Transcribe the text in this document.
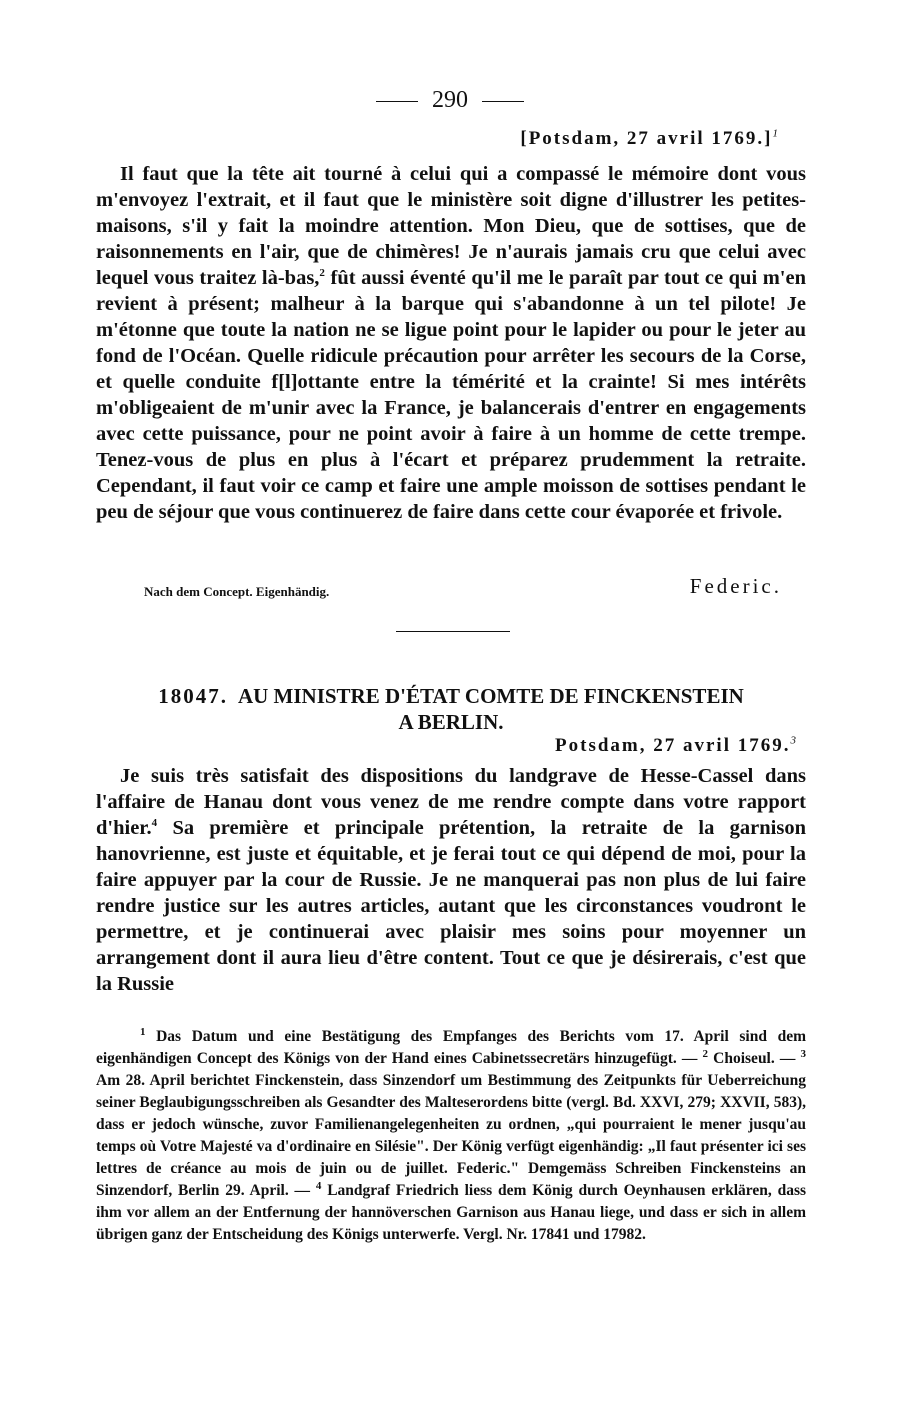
290
[Potsdam, 27 avril 1769.]$^1$

Il faut que la tête ait tourné à celui qui a compassé le mémoire dont vous m'envoyez l'extrait, et il faut que le ministère soit digne d'illustrer les petites-maisons, s'il y fait la moindre attention. Mon Dieu, que de sottises, que de raisonnements en l'air, que de chimères! Je n'aurais jamais cru que celui avec lequel vous traitez là-bas,$^2$ fût aussi éventé qu'il me le paraît par tout ce qui m'en revient à présent; malheur à la barque qui s'abandonne à un tel pilote! Je m'étonne que toute la nation ne se ligue point pour le lapider ou pour le jeter au fond de l'Océan. Quelle ridicule précaution pour arrêter les secours de la Corse, et quelle conduite f[l]ottante entre la témérité et la crainte! Si mes intérêts m'obligeaient de m'unir avec la France, je balancerais d'entrer en engagements avec cette puissance, pour ne point avoir à faire à un homme de cette trempe. Tenez-vous de plus en plus à l'écart et préparez prudemment la retraite. Cependant, il faut voir ce camp et faire une ample moisson de sottises pendant le peu de séjour que vous continuerez de faire dans cette cour évaporée et frivole.

Nach dem Concept. Eigenhändig.	Federic.
18047. AU MINISTRE D'ÉTAT COMTE DE FINCKENSTEIN
A BERLIN.
Potsdam, 27 avril 1769.$^3$

Je suis très satisfait des dispositions du landgrave de Hesse-Cassel dans l'affaire de Hanau dont vous venez de me rendre compte dans votre rapport d'hier.$^4$ Sa première et principale prétention, la retraite de la garnison hanovrienne, est juste et équitable, et je ferai tout ce qui dépend de moi, pour la faire appuyer par la cour de Russie. Je ne manquerai pas non plus de lui faire rendre justice sur les autres articles, autant que les circonstances voudront le permettre, et je continuerai avec plaisir mes soins pour moyenner un arrangement dont il aura lieu d'être content. Tout ce que je désirerais, c'est que la Russie

$^1$ Das Datum und eine Bestätigung des Empfanges des Berichts vom 17. April sind dem eigenhändigen Concept des Königs von der Hand eines Cabinetssecretärs hinzugefügt. — $^2$ Choiseul. — $^3$ Am 28. April berichtet Finckenstein, dass Sinzendorf um Bestimmung des Zeitpunkts für Ueberreichung seiner Beglaubigungsschreiben als Gesandter des Malteserordens bitte (vergl. Bd. XXVI, 279; XXVII, 583), dass er jedoch wünsche, zuvor Familienangelegenheiten zu ordnen, „qui pourraient le mener jusqu'au temps où Votre Majesté va d'ordinaire en Silésie". Der König verfügt eigenhändig: „Il faut présenter ici ses lettres de créance au mois de juin ou de juillet. Federic." Demgemäss Schreiben Finckensteins an Sinzendorf, Berlin 29. April. — $^4$ Landgraf Friedrich liess dem König durch Oeynhausen erklären, dass ihm vor allem an der Entfernung der hannöverschen Garnison aus Hanau liege, und dass er sich in allem übrigen ganz der Entscheidung des Königs unterwerfe. Vergl. Nr. 17841 und 17982.
